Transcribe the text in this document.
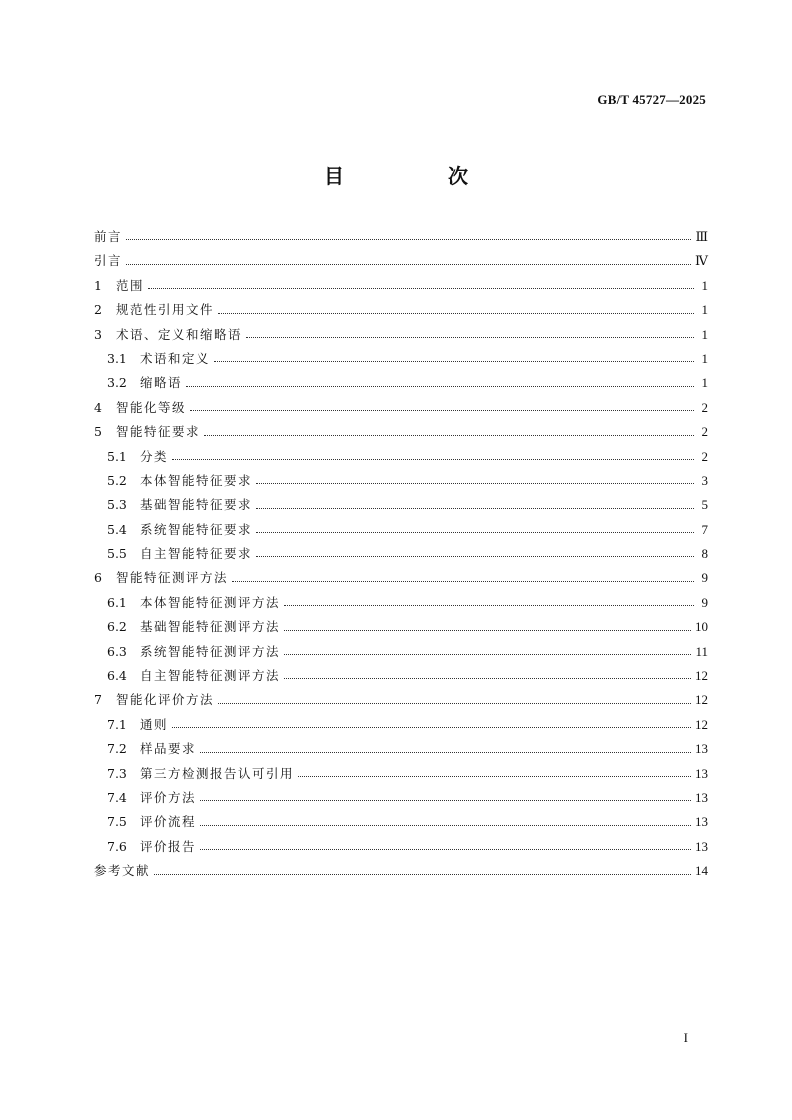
GB/T 45727—2025
目　次
前言	Ⅲ
引言	Ⅳ
1	范围	1
2	规范性引用文件	1
3	术语、定义和缩略语	1
3.1	术语和定义	1
3.2	缩略语	1
4	智能化等级	2
5	智能特征要求	2
5.1	分类	2
5.2	本体智能特征要求	3
5.3	基础智能特征要求	5
5.4	系统智能特征要求	7
5.5	自主智能特征要求	8
6	智能特征测评方法	9
6.1	本体智能特征测评方法	9
6.2	基础智能特征测评方法	10
6.3	系统智能特征测评方法	11
6.4	自主智能特征测评方法	12
7	智能化评价方法	12
7.1	通则	12
7.2	样品要求	13
7.3	第三方检测报告认可引用	13
7.4	评价方法	13
7.5	评价流程	13
7.6	评价报告	13
参考文献	14
I
